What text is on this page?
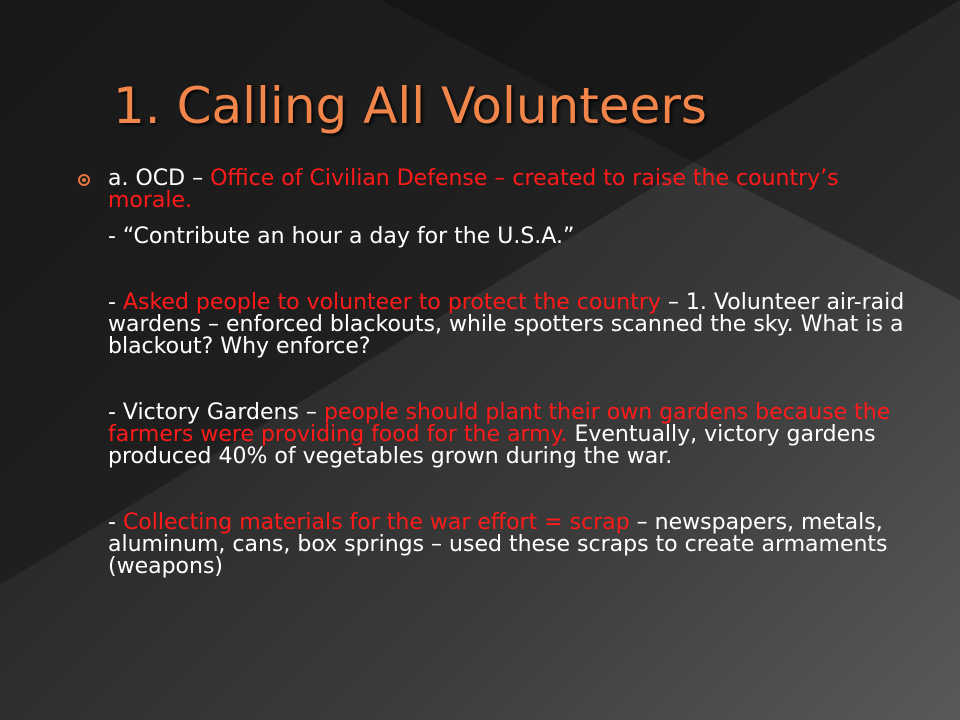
1. Calling All Volunteers
a. OCD – Office of Civilian Defense – created to raise the country’s morale.
- “Contribute an hour a day for the U.S.A.”
- Asked people to volunteer to protect the country – 1. Volunteer air-raid wardens – enforced blackouts, while spotters scanned the sky. What is a blackout? Why enforce?
- Victory Gardens – people should plant their own gardens because the farmers were providing food for the army. Eventually, victory gardens produced 40% of vegetables grown during the war.
- Collecting materials for the war effort = scrap – newspapers, metals, aluminum, cans, box springs – used these scraps to create armaments (weapons)
